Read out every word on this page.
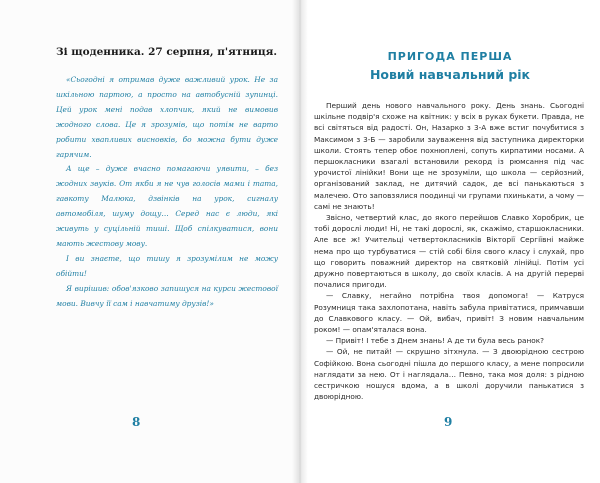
Зі щоденника. 27 серпня, п'ятниця.

«Сьогодні я отримав дуже важливий урок. Не за шкільною партою, а просто на автобусній зупинці. Цей урок мені подав хлопчик, який не вимовив жодного слова. Це я зрозумів, що потім не варто робити хвапливих висновків, бо можна бути дуже гарячим.

А ще – дуже вчасно помагаючи уявити, – без жодних звуків. От якби я не чув голосів мами і тата, гавкоту Малюка, дзвінків на урок, сигналу автомобіля, шуму дощу… Серед нас є люди, які живуть у суцільній тиші. Щоб спілкуватися, вони мають жестову мову.

І ви знаєте, що тишу я зрозумілим не можу обійти!

Я вирішив: обов'язково запишуся на курси жестової мови. Вивчу її сам і навчатиму друзів!»

8
ПРИГОДА ПЕРША
Новий навчальний рік

Перший день нового навчального року. День знань. Сьогодні шкільне подвір'я схоже на квітник: у всіх в руках букети. Правда, не всі світяться від радості. Он, Назарко з 3-А вже встиг почубитися з Максимом з 3-Б — заробили зауваження від заступника директорки школи. Стоять тепер обоє похнюплені, сопуть кирпатими носами. А першокласники взагалі встановили рекорд із рюмсання під час урочистої лінійки! Вони ще не зрозуміли, що школа — серйозний, організований заклад, не дитячий садок, де всі панькаються з малечею. Ото заповзялися поодинці чи групами пхинькати, а чому — самі не знають!

Звісно, четвертий клас, до якого перейшов Славко Хоробрик, це тобі дорослі люди! Ні, не такі дорослі, як, скажімо, старшокласники. Але все ж! Учительці четвертокласників Вікторії Сергіївні майже нема про що турбуватися — стій собі біля свого класу і слухай, про що говорить поважний директор на святковій лінійці. Потім усі дружно повертаються в школу, до своїх класів. А на другій перерві почалися пригоди.

— Славку, негайно потрібна твоя допомога! — Катруся Розумниця така захлопотана, навіть забула привітатися, примчавши до Славкового класу. — Ой, вибач, привіт! З новим навчальним роком! — опам'яталася вона.

— Привіт! І тебе з Днем знань! А де ти була весь ранок?

— Ой, не питай! — скрушно зітхнула. — З двоюрідною сестрою Софійкою. Вона сьогодні пішла до першого класу, а мене попросили наглядати за нею. От і наглядала… Певно, така моя доля: з рідною сестричкою ношуся вдома, а в школі доручили панькатися з двоюрідною.

9
